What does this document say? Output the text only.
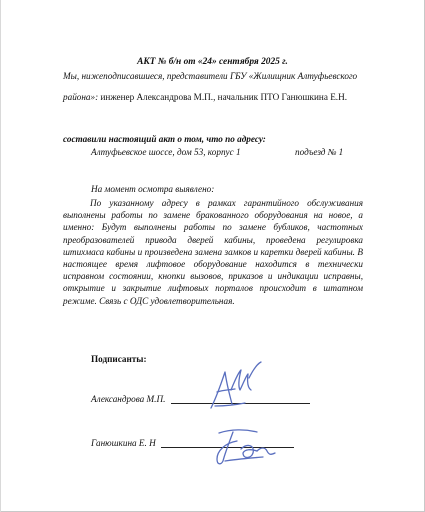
АКТ № б/н от «24» сентября 2025 г.
Мы, нижеподписавшиеся, представители ГБУ «Жилищник Алтуфьевского
района»: инженер Александрова М.П., начальник ПТО Ганюшкина Е.Н.
составили настоящий акт о том, что по адресу:
Алтуфьевское шоссе, дом 53, корпус 1	подъезд № 1
На момент осмотра выявлено:
По указанному адресу в рамках гарантийного обслуживания выполнены работы по замене бракованного оборудования на новое, а именно: Будут выполнены работы по замене бубликов, частотных преобразователей привода дверей кабины, проведена регулировка штихмаса кабины и произведена замена замков и каретки дверей кабины. В настоящее время лифтовое оборудование находится в технически исправном состоянии, кнопки вызовов, приказов и индикации исправны, открытие и закрытие лифтовых порталов происходит в штатном режиме. Связь с ОДС удовлетворительная.
Подписанты:
Александрова М.П.
Ганюшкина Е. Н
